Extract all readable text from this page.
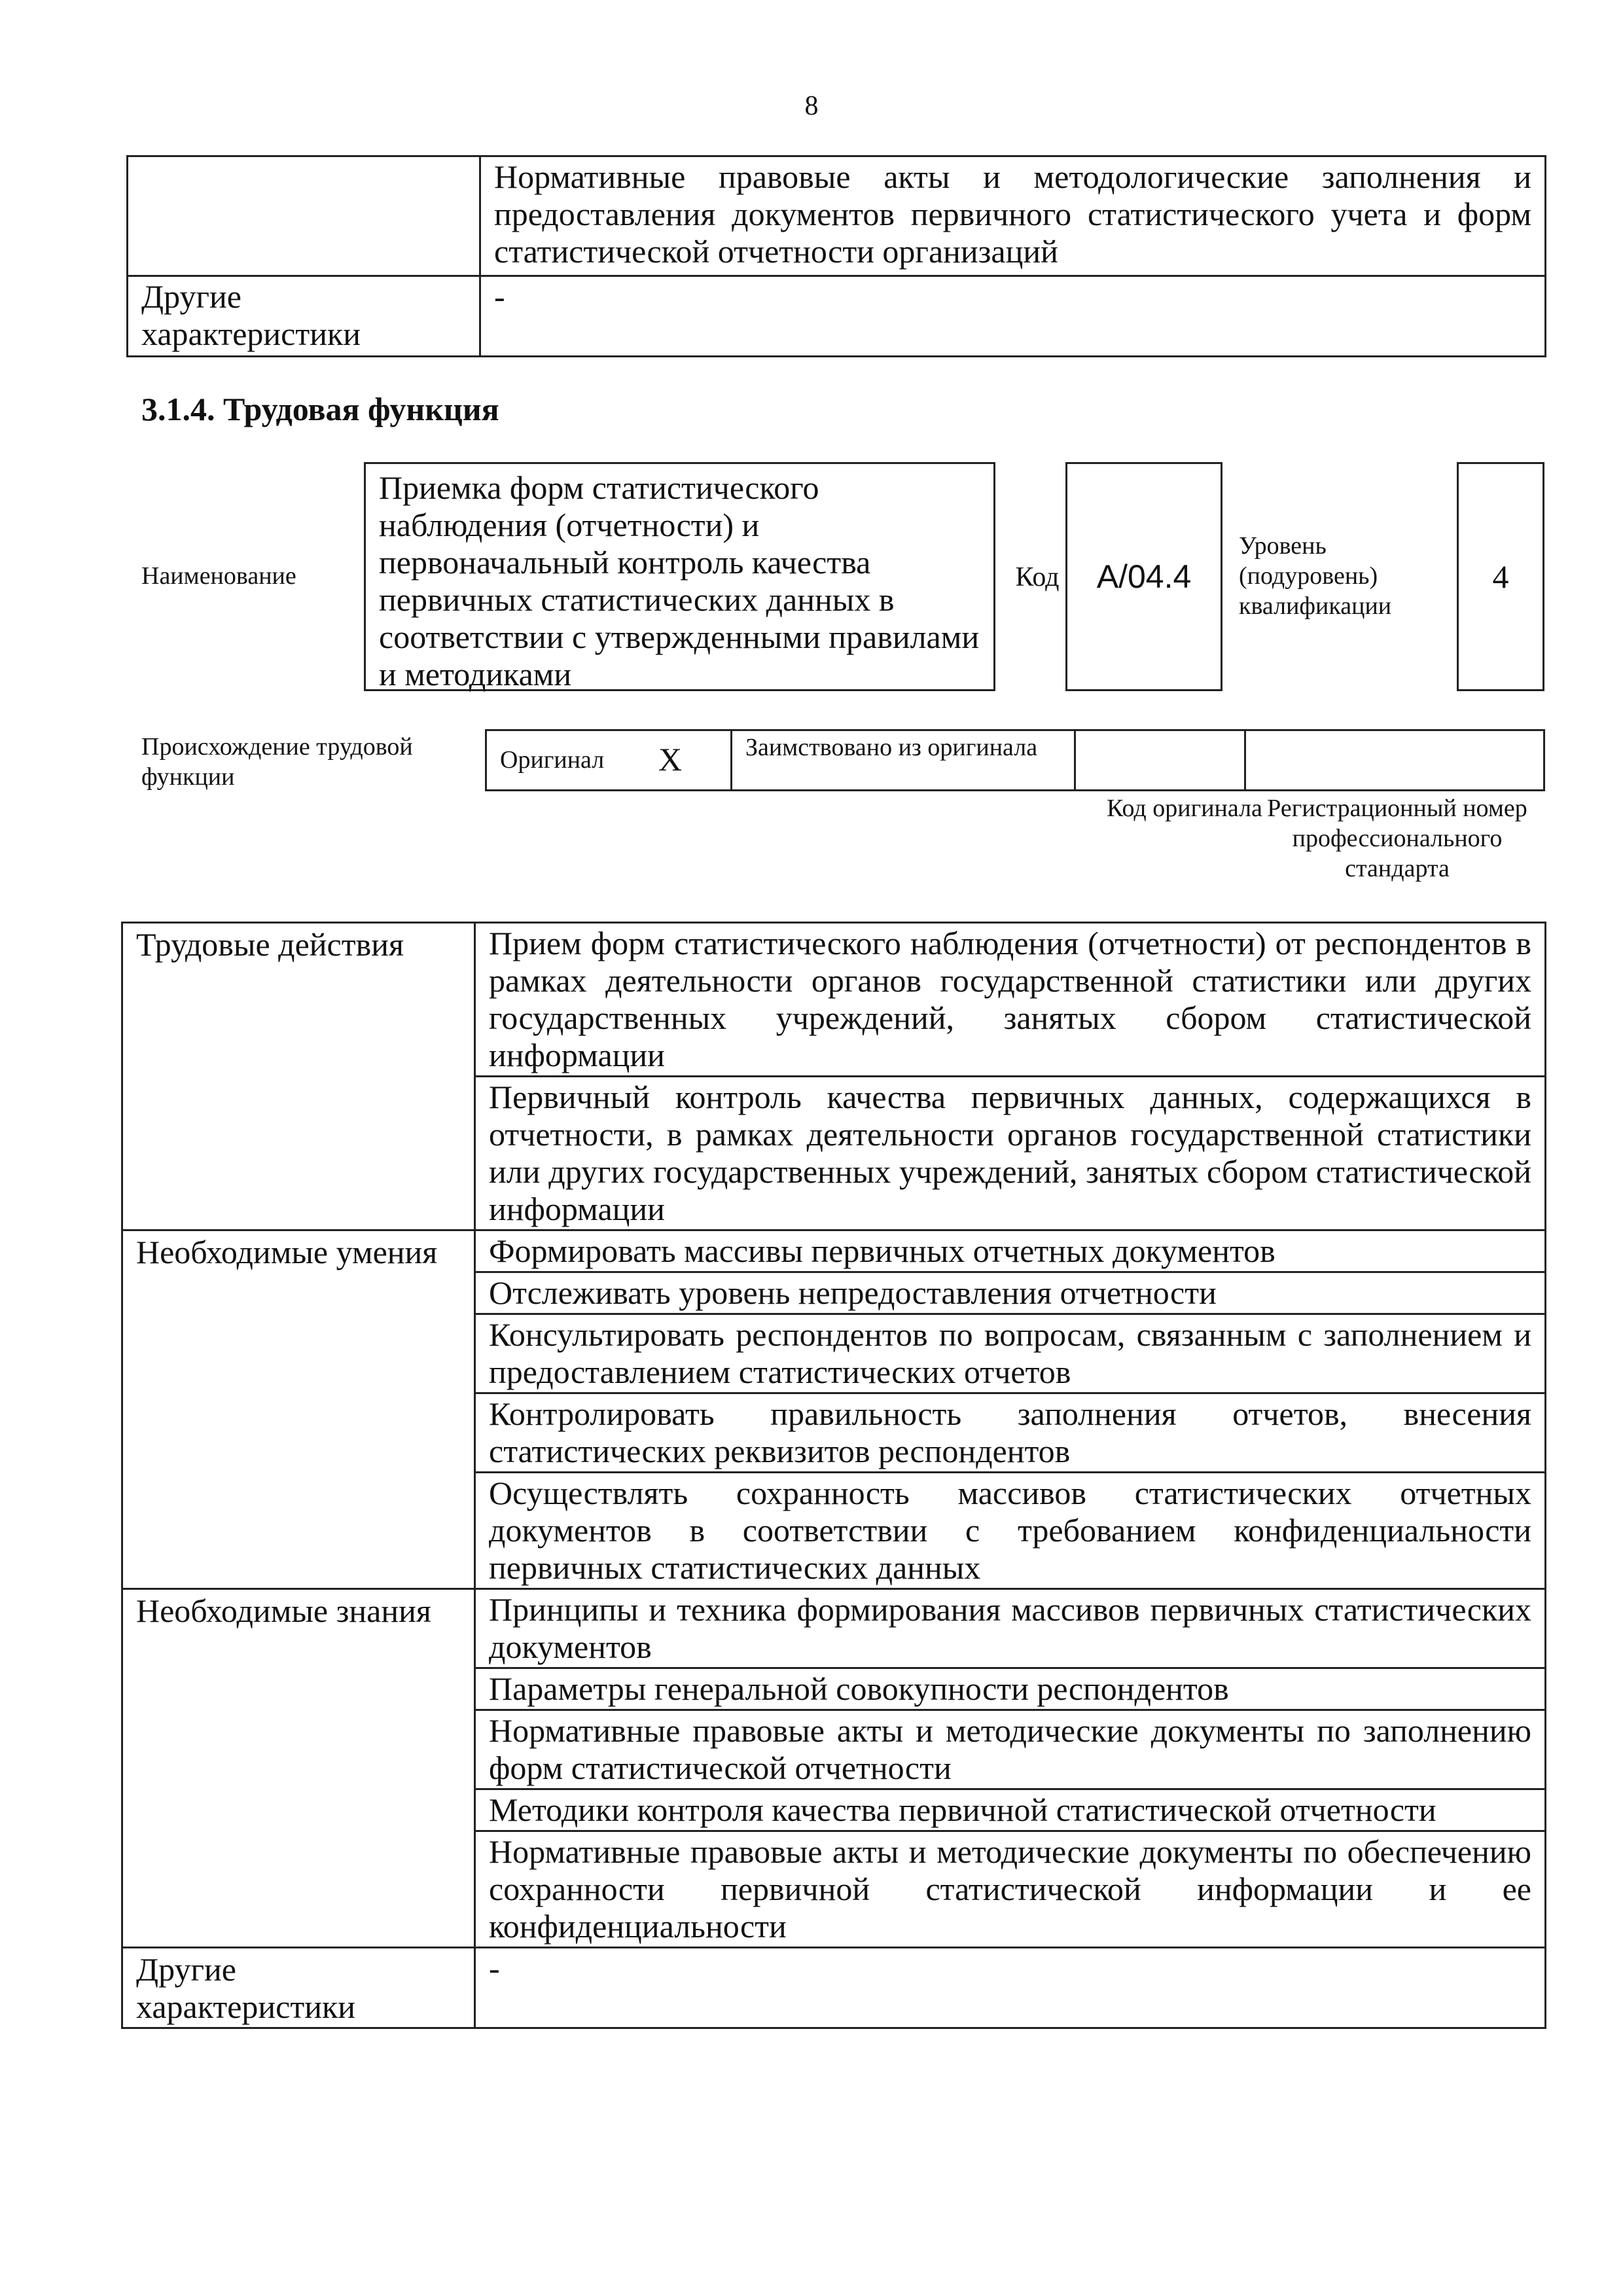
8
	Нормативные правовые акты и методологические заполнения и предоставления документов первичного статистического учета и форм статистической отчетности организаций
Другие характеристики	-
3.1.4. Трудовая функция
Наименование
Приемка форм статистического наблюдения (отчетности) и первоначальный контроль качества первичных статистических данных в соответствии с утвержденными правилами и методиками
Код	А/04.4
Уровень
(подуровень)
квалификации
4
Происхождение трудовой функции
Оригинал X	Заимствовано из оригинала
Код оригинала Регистрационный номер профессионального стандарта
Трудовые действия	Прием форм статистического наблюдения (отчетности) от респондентов в рамках деятельности органов государственной статистики или других государственных учреждений, занятых сбором статистической информации
	Первичный контроль качества первичных данных, содержащихся в отчетности, в рамках деятельности органов государственной статистики или других государственных учреждений, занятых сбором статистической информации
Необходимые умения	Формировать массивы первичных отчетных документов
	Отслеживать уровень непредоставления отчетности
	Консультировать респондентов по вопросам, связанным с заполнением и предоставлением статистических отчетов
	Контролировать правильность заполнения отчетов, внесения статистических реквизитов респондентов
	Осуществлять сохранность массивов статистических отчетных документов в соответствии с требованием конфиденциальности первичных статистических данных
Необходимые знания	Принципы и техника формирования массивов первичных статистических документов
	Параметры генеральной совокупности респондентов
	Нормативные правовые акты и методические документы по заполнению форм статистической отчетности
	Методики контроля качества первичной статистической отчетности
	Нормативные правовые акты и методические документы по обеспечению сохранности первичной статистической информации и ее конфиденциальности
Другие характеристики	-
